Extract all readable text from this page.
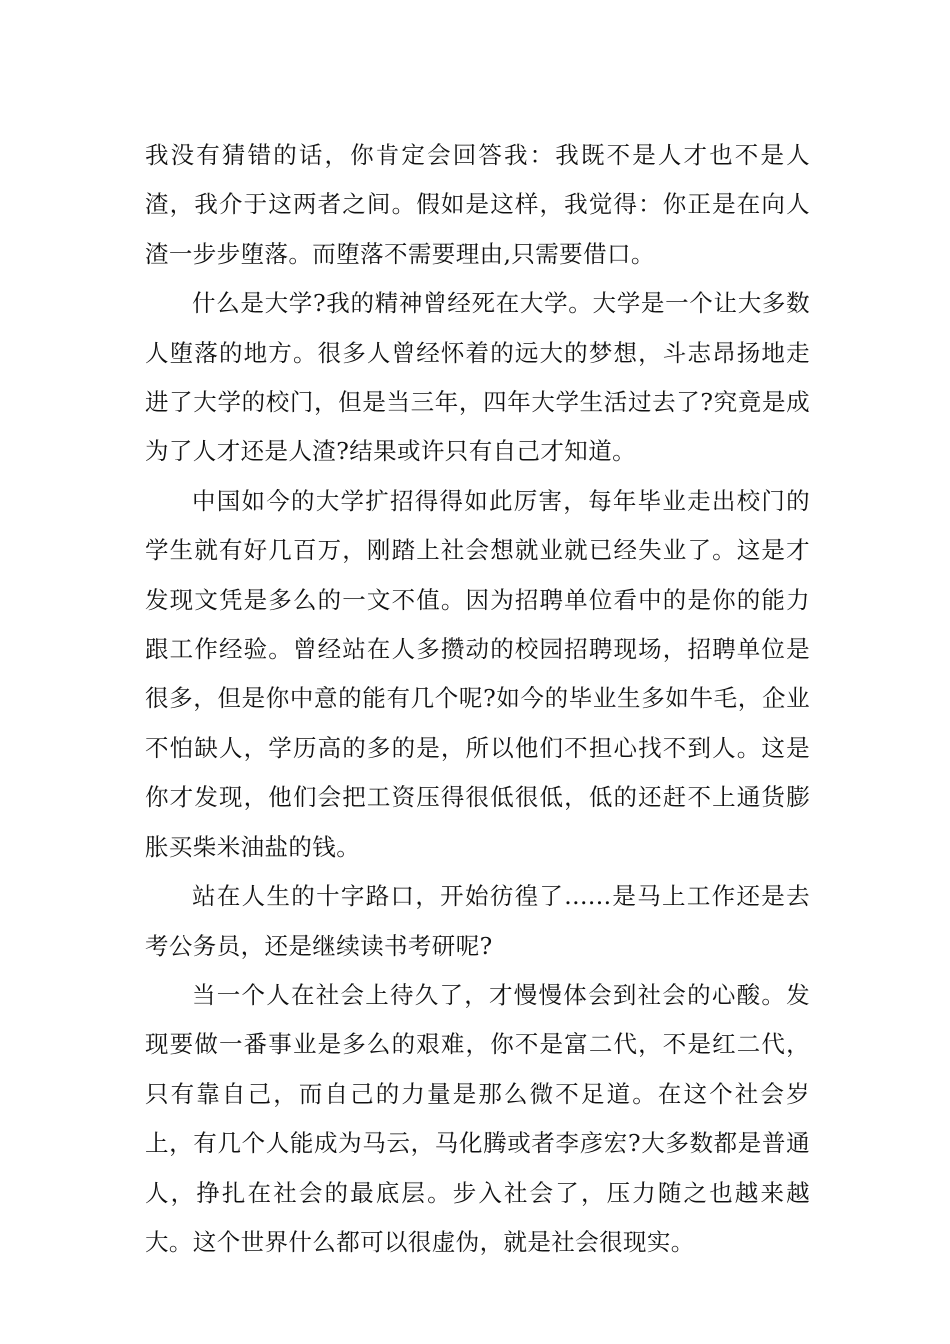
我没有猜错的话，你肯定会回答我：我既不是人才也不是人渣，我介于这两者之间。假如是这样，我觉得：你正是在向人渣一步步堕落。而堕落不需要理由,只需要借口。

什么是大学?我的精神曾经死在大学。大学是一个让大多数人堕落的地方。很多人曾经怀着的远大的梦想，斗志昂扬地走进了大学的校门，但是当三年，四年大学生活过去了?究竟是成为了人才还是人渣?结果或许只有自己才知道。

中国如今的大学扩招得得如此厉害，每年毕业走出校门的学生就有好几百万，刚踏上社会想就业就已经失业了。这是才发现文凭是多么的一文不值。因为招聘单位看中的是你的能力跟工作经验。曾经站在人多攒动的校园招聘现场，招聘单位是很多，但是你中意的能有几个呢?如今的毕业生多如牛毛，企业不怕缺人，学历高的多的是，所以他们不担心找不到人。这是你才发现，他们会把工资压得很低很低，低的还赶不上通货膨胀买柴米油盐的钱。

站在人生的十字路口，开始彷徨了......是马上工作还是去考公务员，还是继续读书考研呢?

当一个人在社会上待久了，才慢慢体会到社会的心酸。发现要做一番事业是多么的艰难，你不是富二代，不是红二代，只有靠自己，而自己的力量是那么微不足道。在这个社会岁上，有几个人能成为马云，马化腾或者李彦宏?大多数都是普通人，挣扎在社会的最底层。步入社会了，压力随之也越来越大。这个世界什么都可以很虚伪，就是社会很现实。
